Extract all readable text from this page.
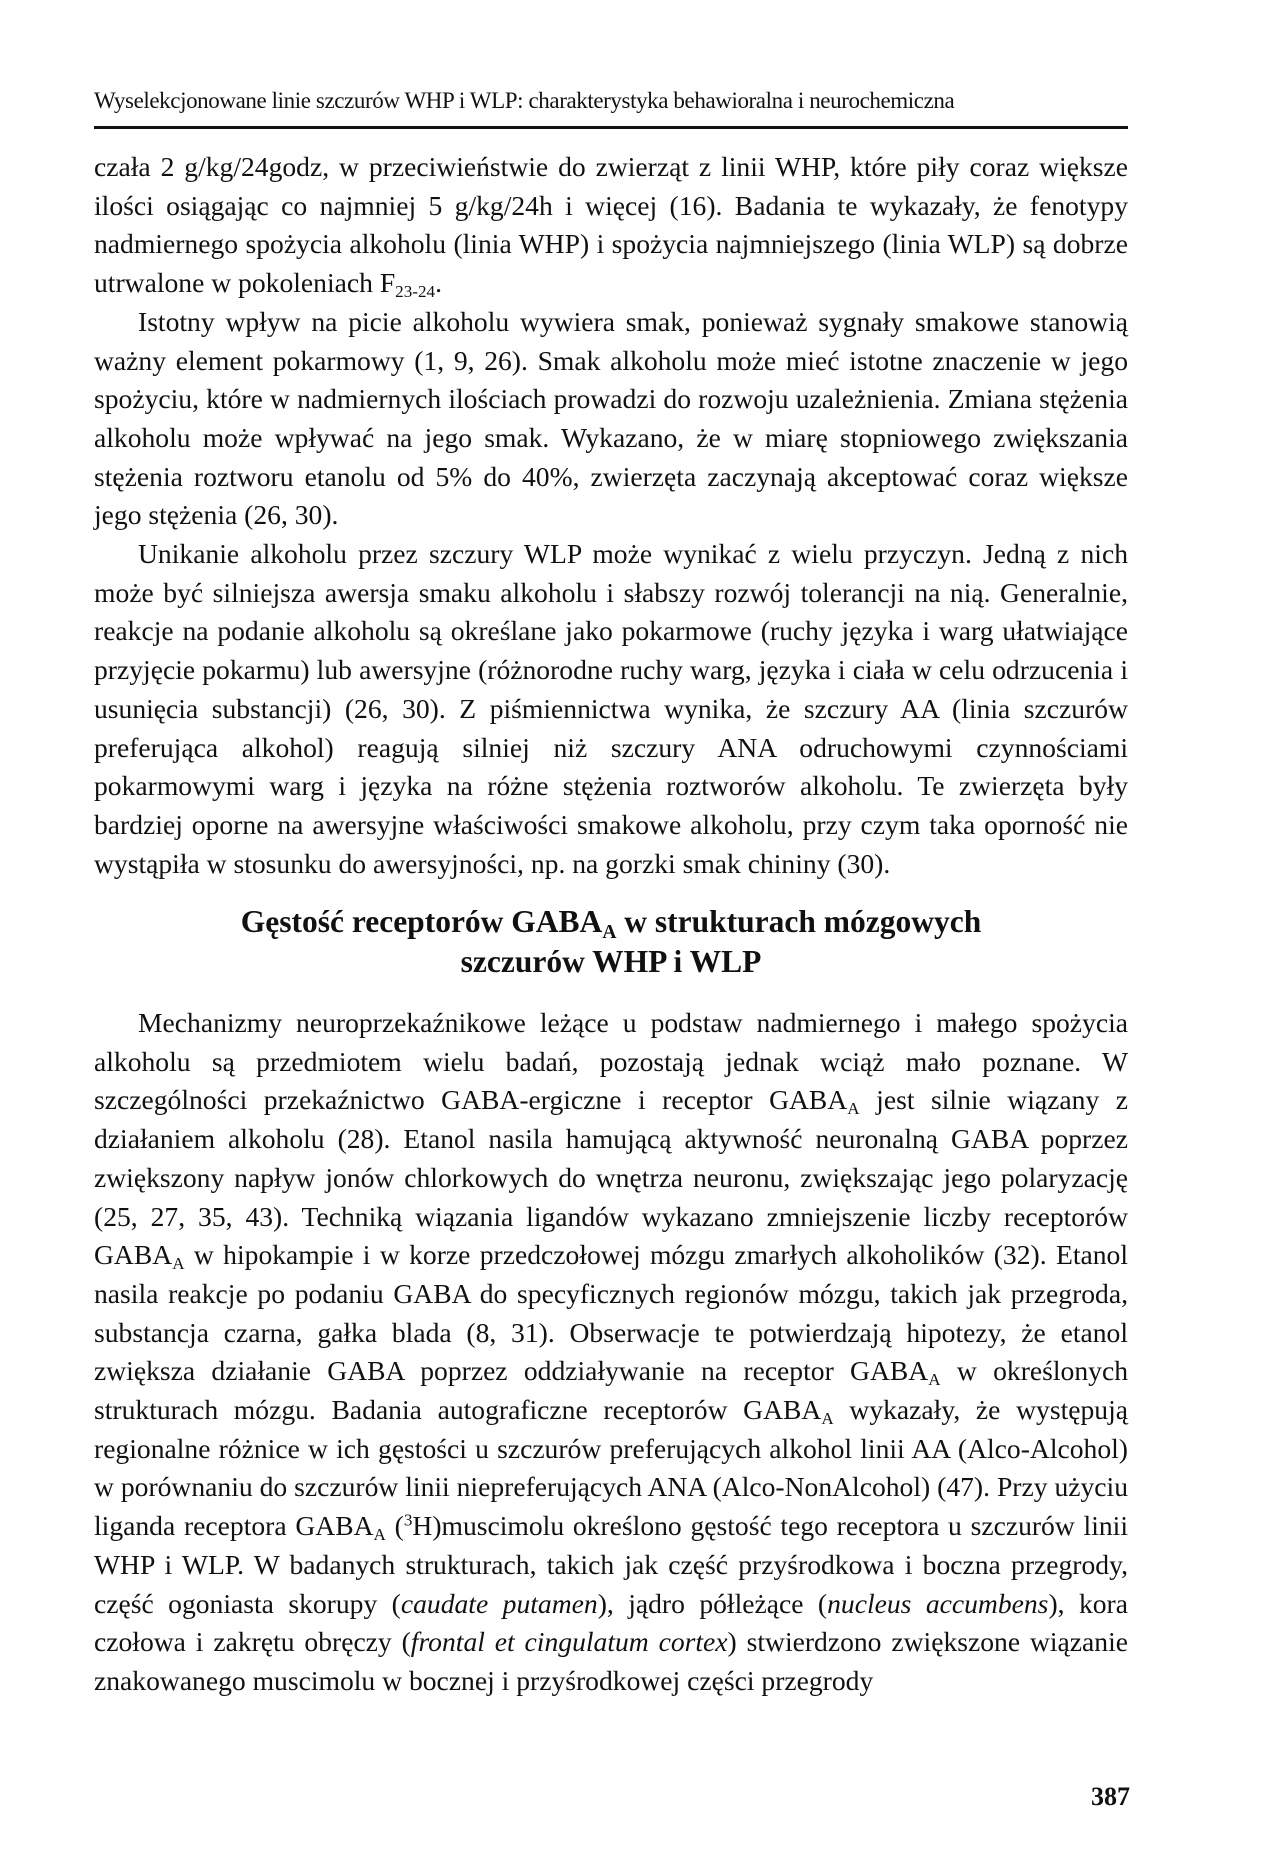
Wyselekcjonowane linie szczurów WHP i WLP: charakterystyka behawioralna i neurochemiczna

czała 2 g/kg/24godz, w przeciwieństwie do zwierząt z linii WHP, które piły coraz większe ilości osiągając co najmniej 5 g/kg/24h i więcej (16). Badania te wykazały, że fenotypy nadmiernego spożycia alkoholu (linia WHP) i spożycia najmniejszego (linia WLP) są dobrze utrwalone w pokoleniach $F_{23-24}$.

Istotny wpływ na picie alkoholu wywiera smak, ponieważ sygnały smakowe stanowią ważny element pokarmowy (1, 9, 26). Smak alkoholu może mieć istotne znaczenie w jego spożyciu, które w nadmiernych ilościach prowadzi do rozwoju uzależnienia. Zmiana stężenia alkoholu może wpływać na jego smak. Wykazano, że w miarę stopniowego zwiększania stężenia roztworu etanolu od 5% do 40%, zwierzęta zaczynają akceptować coraz większe jego stężenia (26, 30).

Unikanie alkoholu przez szczury WLP może wynikać z wielu przyczyn. Jedną z nich może być silniejsza awersja smaku alkoholu i słabszy rozwój tolerancji na nią. Generalnie, reakcje na podanie alkoholu są określane jako pokarmowe (ruchy języka i warg ułatwiające przyjęcie pokarmu) lub awersyjne (różnorodne ruchy warg, języka i ciała w celu odrzucenia i usunięcia substancji) (26, 30). Z piśmiennictwa wynika, że szczury AA (linia szczurów preferująca alkohol) reagują silniej niż szczury ANA odruchowymi czynnościami pokarmowymi warg i języka na różne stężenia roztworów alkoholu. Te zwierzęta były bardziej oporne na awersyjne właściwości smakowe alkoholu, przy czym taka oporność nie wystąpiła w stosunku do awersyjności, np. na gorzki smak chininy (30).

Gęstość receptorów $GABA_A$ w strukturach mózgowych
szczurów WHP i WLP

Mechanizmy neuroprzekaźnikowe leżące u podstaw nadmiernego i małego spożycia alkoholu są przedmiotem wielu badań, pozostają jednak wciąż mało poznane. W szczególności przekaźnictwo GABA-ergiczne i receptor $GABA_A$ jest silnie wiązany z działaniem alkoholu (28). Etanol nasila hamującą aktywność neuronalną GABA poprzez zwiększony napływ jonów chlorkowych do wnętrza neuronu, zwiększając jego polaryzację (25, 27, 35, 43). Techniką wiązania ligandów wykazano zmniejszenie liczby receptorów $GABA_A$ w hipokampie i w korze przedczołowej mózgu zmarłych alkoholików (32). Etanol nasila reakcje po podaniu GABA do specyficznych regionów mózgu, takich jak przegroda, substancja czarna, gałka blada (8, 31). Obserwacje te potwierdzają hipotezy, że etanol zwiększa działanie GABA poprzez oddziaływanie na receptor $GABA_A$ w określonych strukturach mózgu. Badania autograficzne receptorów $GABA_A$ wykazały, że występują regionalne różnice w ich gęstości u szczurów preferujących alkohol linii AA (Alco-Alcohol) w porównaniu do szczurów linii niepreferujących ANA (Alco-NonAlcohol) (47). Przy użyciu liganda receptora $GABA_A$ ($^3$H)muscimolu określono gęstość tego receptora u szczurów linii WHP i WLP. W badanych strukturach, takich jak część przyśrodkowa i boczna przegrody, część ogoniasta skorupy (caudate putamen), jądro półleżące (nucleus accumbens), kora czołowa i zakrętu obręczy (frontal et cingulatum cortex) stwierdzono zwiększone wiązanie znakowanego muscimolu w bocznej i przyśrodkowej części przegrody

387
